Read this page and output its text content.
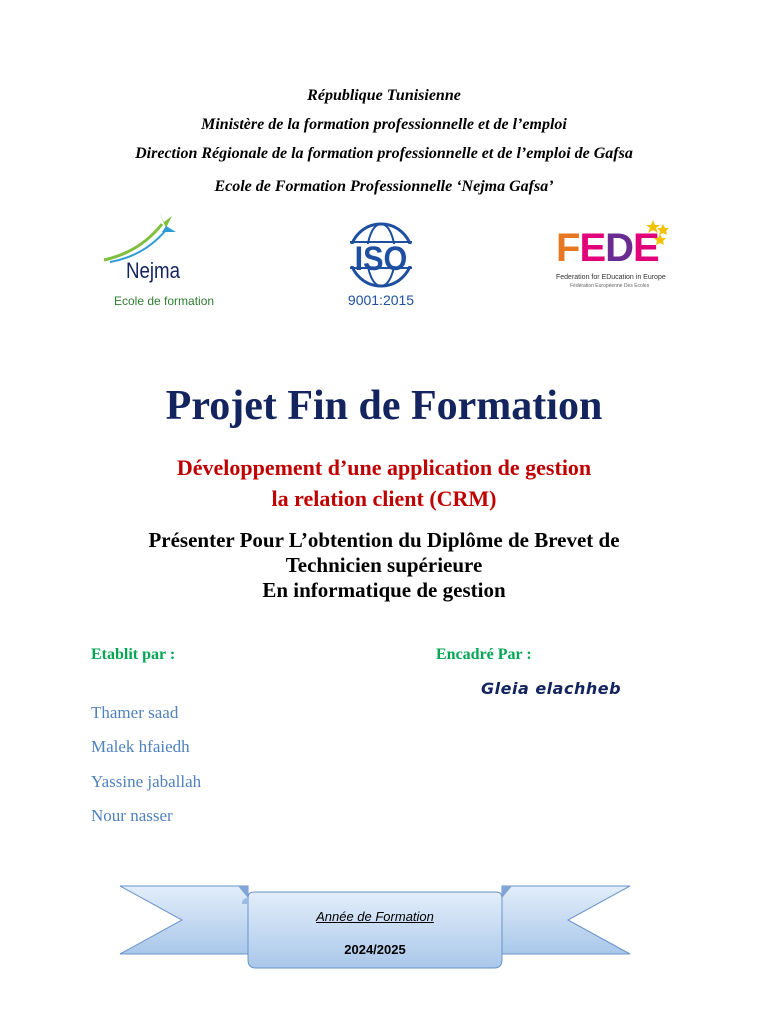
République Tunisienne
Ministère de la formation professionnelle et de l’emploi
Direction Régionale de la formation professionnelle et de l’emploi de Gafsa
Ecole de Formation Professionnelle ‘Nejma Gafsa’
Nejma
Ecole de formation
ISO
9001:2015
FEDE
Federation for EDucation in Europe
Fédération Européenne Des Ecoles
Projet Fin de Formation
Développement d’une application de gestion
la relation client (CRM)
Présenter Pour L’obtention du Diplôme de Brevet de
Technicien supérieure
En informatique de gestion
Etablit par :	Encadré Par :
Gleia elachheb
Thamer saad
Malek hfaiedh
Yassine jaballah
Nour nasser
Année de Formation
2024/2025
